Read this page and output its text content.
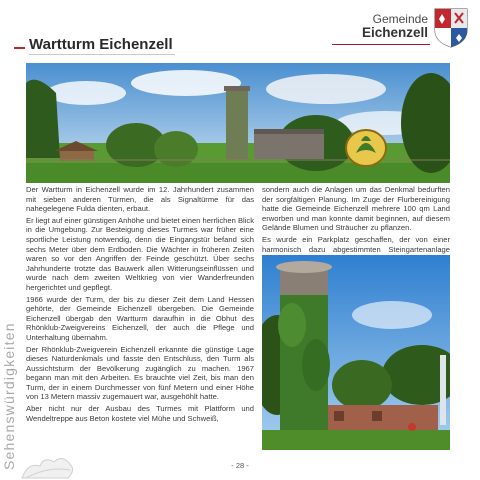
Gemeinde
Eichenzell
Wartturm Eichenzell

Der Wartturm in Eichenzell wurde im 12. Jahrhundert zusammen mit sieben anderen Türmen, die als Signaltürme für das nahegelegene Fulda dienten, erbaut.

Er liegt auf einer günstigen Anhöhe und bietet einen herrlichen Blick in die Umgebung. Zur Besteigung dieses Turmes war früher eine sportliche Leistung notwendig, denn die Eingangstür befand sich sechs Meter über dem Erdboden. Die Wächter in früheren Zeiten waren so vor den Angriffen der Feinde geschützt. Über sechs Jahrhunderte trotzte das Bauwerk allen Witterungseinflüssen und wurde nach dem zweiten Weltkrieg von vier Wanderfreunden hergerichtet und gepflegt.

1966 wurde der Turm, der bis zu dieser Zeit dem Land Hessen gehörte, der Gemeinde Eichenzell übergeben. Die Gemeinde Eichenzell übergab den Wartturm daraufhin in die Obhut des Rhönklub-Zweigvereins Eichenzell, der auch die Pflege und Unterhaltung übernahm.

Der Rhönklub-Zweigverein Eichenzell erkannte die günstige Lage dieses Naturdenkmals und fasste den Entschluss, den Turm als Aussichtsturm der Bevölkerung zugänglich zu machen. 1967 begann man mit den Arbeiten. Es brauchte viel Zeit, bis man den Turm, der in einem Durchmesser von fünf Metern und einer Höhe von 13 Metern massiv zugemauert war, ausgehöhlt hatte.

Aber nicht nur der Ausbau des Turmes mit Plattform und Wendeltreppe aus Beton kostete viel Mühe und Schweiß,

sondern auch die Anlagen um das Denkmal bedurften der sorgfältigen Planung. Im Zuge der Flurbereinigung hatte die Gemeinde Eichenzell mehrere 100 qm Land erworben und man konnte damit beginnen, auf diesem Gelände Blumen und Sträucher zu pflanzen.

Es wurde ein Parkplatz geschaffen, der von einer harmonisch dazu abgestimmten Steingartenanlage

Sehenswürdigkeiten	- 28 -
